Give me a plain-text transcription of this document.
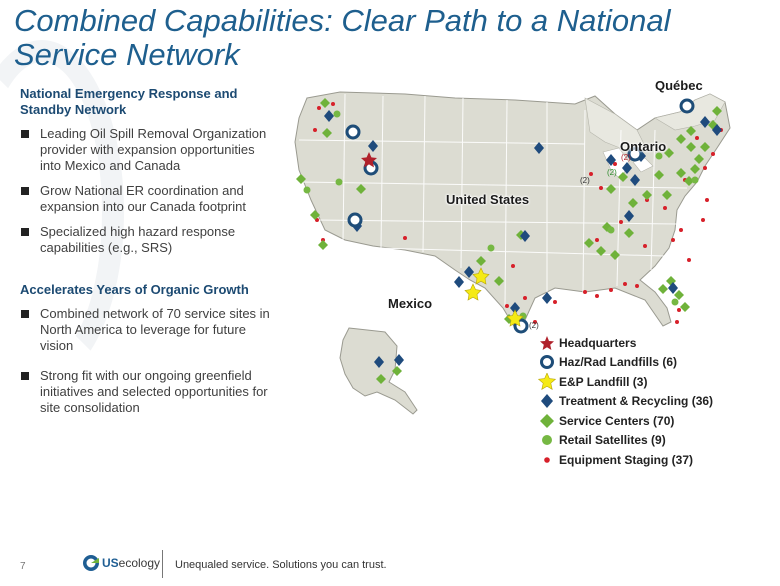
Combined Capabilities: Clear Path to a National Service Network
National Emergency Response and Standby Network
Leading Oil Spill Removal Organization provider with expansion opportunities into Mexico and Canada
Grow National ER coordination and expansion into our Canada footprint
Specialized high hazard response capabilities (e.g., SRS)
Accelerates Years of Organic Growth
Combined network of 70 service sites in North America to leverage for future vision
Strong fit with our ongoing greenfield initiatives and selected opportunities for site consolidation
(2)
(2)
(2)
(2)
Québec
Ontario
United States
Mexico
Headquarters
Haz/Rad Landfills (6)
E&P Landfill (3)
Treatment & Recycling (36)
Service Centers (70)
Retail Satellites (9)
Equipment Staging (37)
7	US ecology Unequaled service. Solutions you can trust.
